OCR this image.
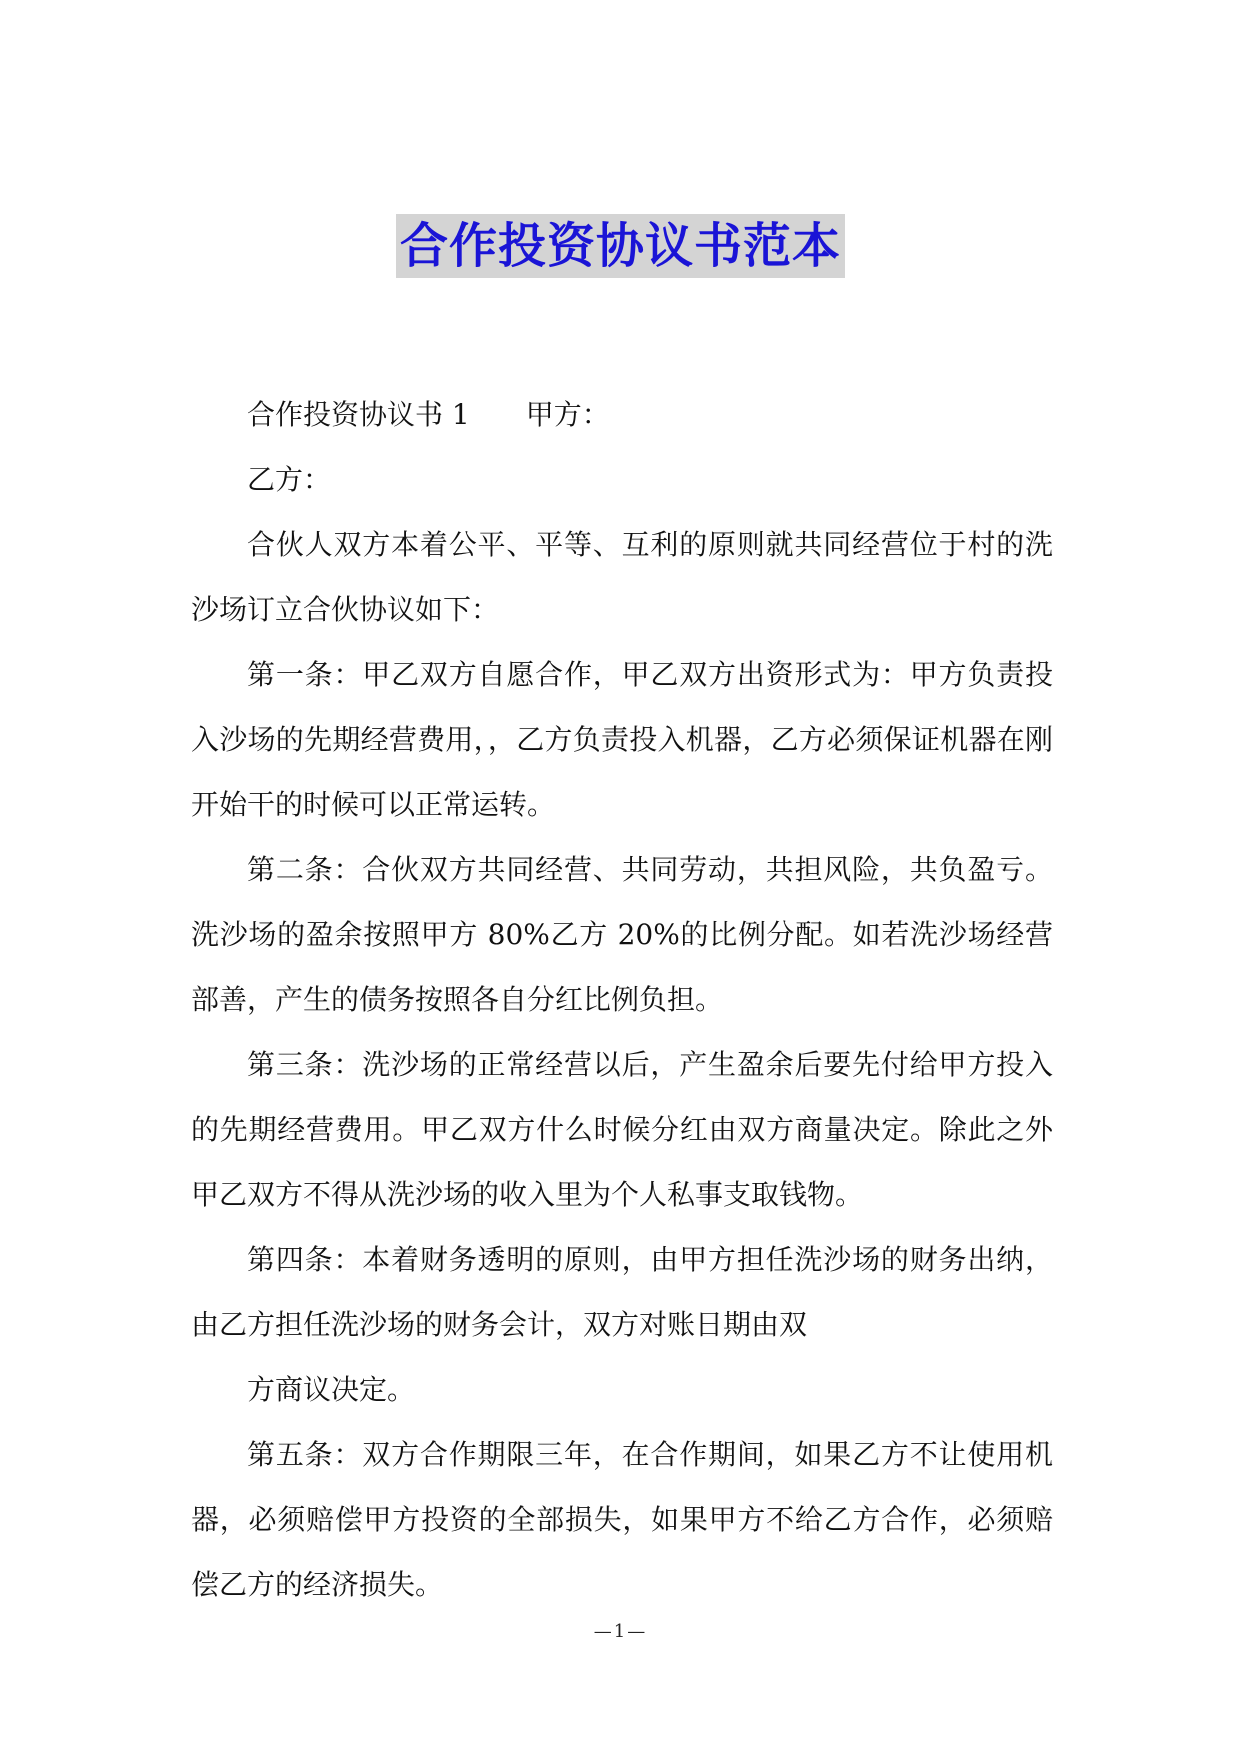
合作投资协议书范本

合作投资协议书 1 甲方：

乙方：

合伙人双方本着公平、平等、互利的原则就共同经营位于村的洗沙场订立合伙协议如下：

第一条：甲乙双方自愿合作，甲乙双方出资形式为：甲方负责投入沙场的先期经营费用，，乙方负责投入机器，乙方必须保证机器在刚开始干的时候可以正常运转。

第二条：合伙双方共同经营、共同劳动，共担风险，共负盈亏。洗沙场的盈余按照甲方 80%乙方 20%的比例分配。如若洗沙场经营部善，产生的债务按照各自分红比例负担。

第三条：洗沙场的正常经营以后，产生盈余后要先付给甲方投入的先期经营费用。甲乙双方什么时候分红由双方商量决定。除此之外甲乙双方不得从洗沙场的收入里为个人私事支取钱物。

第四条：本着财务透明的原则，由甲方担任洗沙场的财务出纳，由乙方担任洗沙场的财务会计，双方对账日期由双

方商议决定。

第五条：双方合作期限三年，在合作期间，如果乙方不让使用机器，必须赔偿甲方投资的全部损失，如果甲方不给乙方合作，必须赔偿乙方的经济损失。

—1—
